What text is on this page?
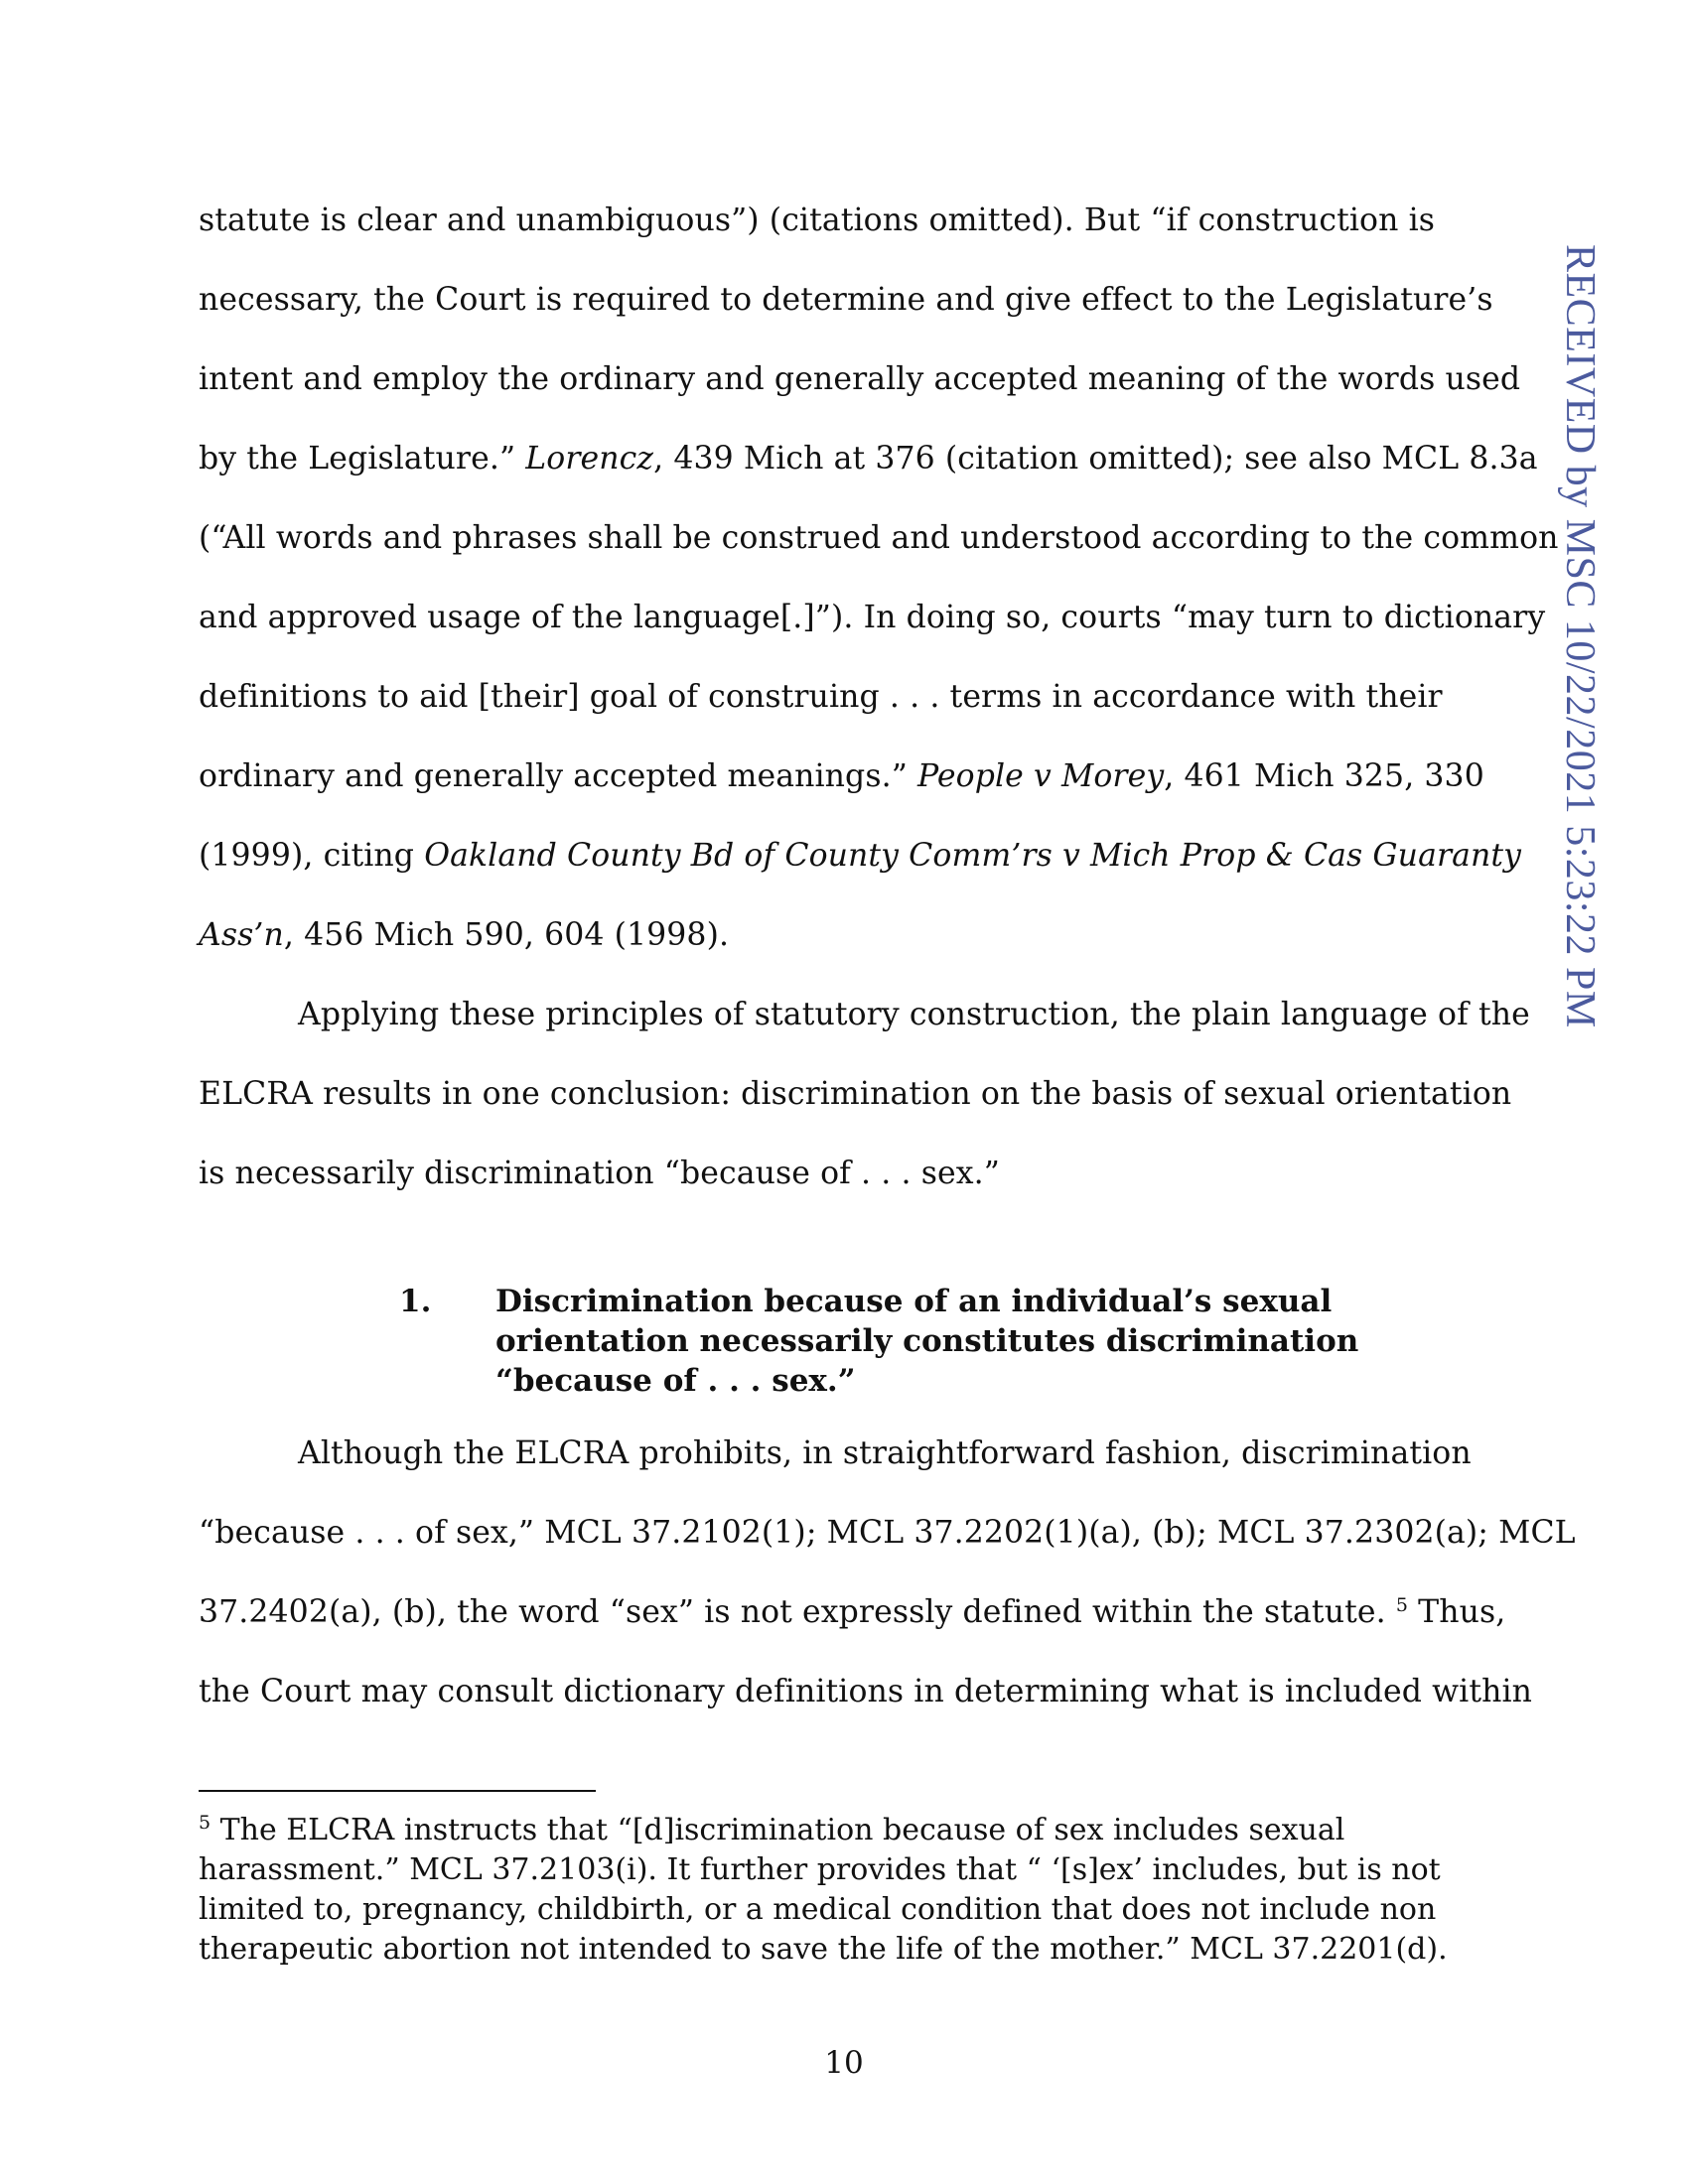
RECEIVED by MSC 10/22/2021 5:23:22 PM

statute is clear and unambiguous”) (citations omitted). But “if construction is

necessary, the Court is required to determine and give effect to the Legislature’s

intent and employ the ordinary and generally accepted meaning of the words used

by the Legislature.” Lorencz, 439 Mich at 376 (citation omitted); see also MCL 8.3a

(“All words and phrases shall be construed and understood according to the common

and approved usage of the language[.]”). In doing so, courts “may turn to dictionary

definitions to aid [their] goal of construing . . . terms in accordance with their

ordinary and generally accepted meanings.” People v Morey, 461 Mich 325, 330

(1999), citing Oakland County Bd of County Comm’rs v Mich Prop & Cas Guaranty

Ass’n, 456 Mich 590, 604 (1998).

Applying these principles of statutory construction, the plain language of the

ELCRA results in one conclusion: discrimination on the basis of sexual orientation

is necessarily discrimination “because of . . . sex.”

1. Discrimination because of an individual’s sexual

orientation necessarily constitutes discrimination

“because of . . . sex.”

Although the ELCRA prohibits, in straightforward fashion, discrimination

“because . . . of sex,” MCL 37.2102(1); MCL 37.2202(1)(a), (b); MCL 37.2302(a); MCL

37.2402(a), (b), the word “sex” is not expressly defined within the statute. $^5$ Thus,

the Court may consult dictionary definitions in determining what is included within

$^5$ The ELCRA instructs that “[d]iscrimination because of sex includes sexual

harassment.” MCL 37.2103(i). It further provides that “ ‘[s]ex’ includes, but is not

limited to, pregnancy, childbirth, or a medical condition that does not include non

therapeutic abortion not intended to save the life of the mother.” MCL 37.2201(d).

10
